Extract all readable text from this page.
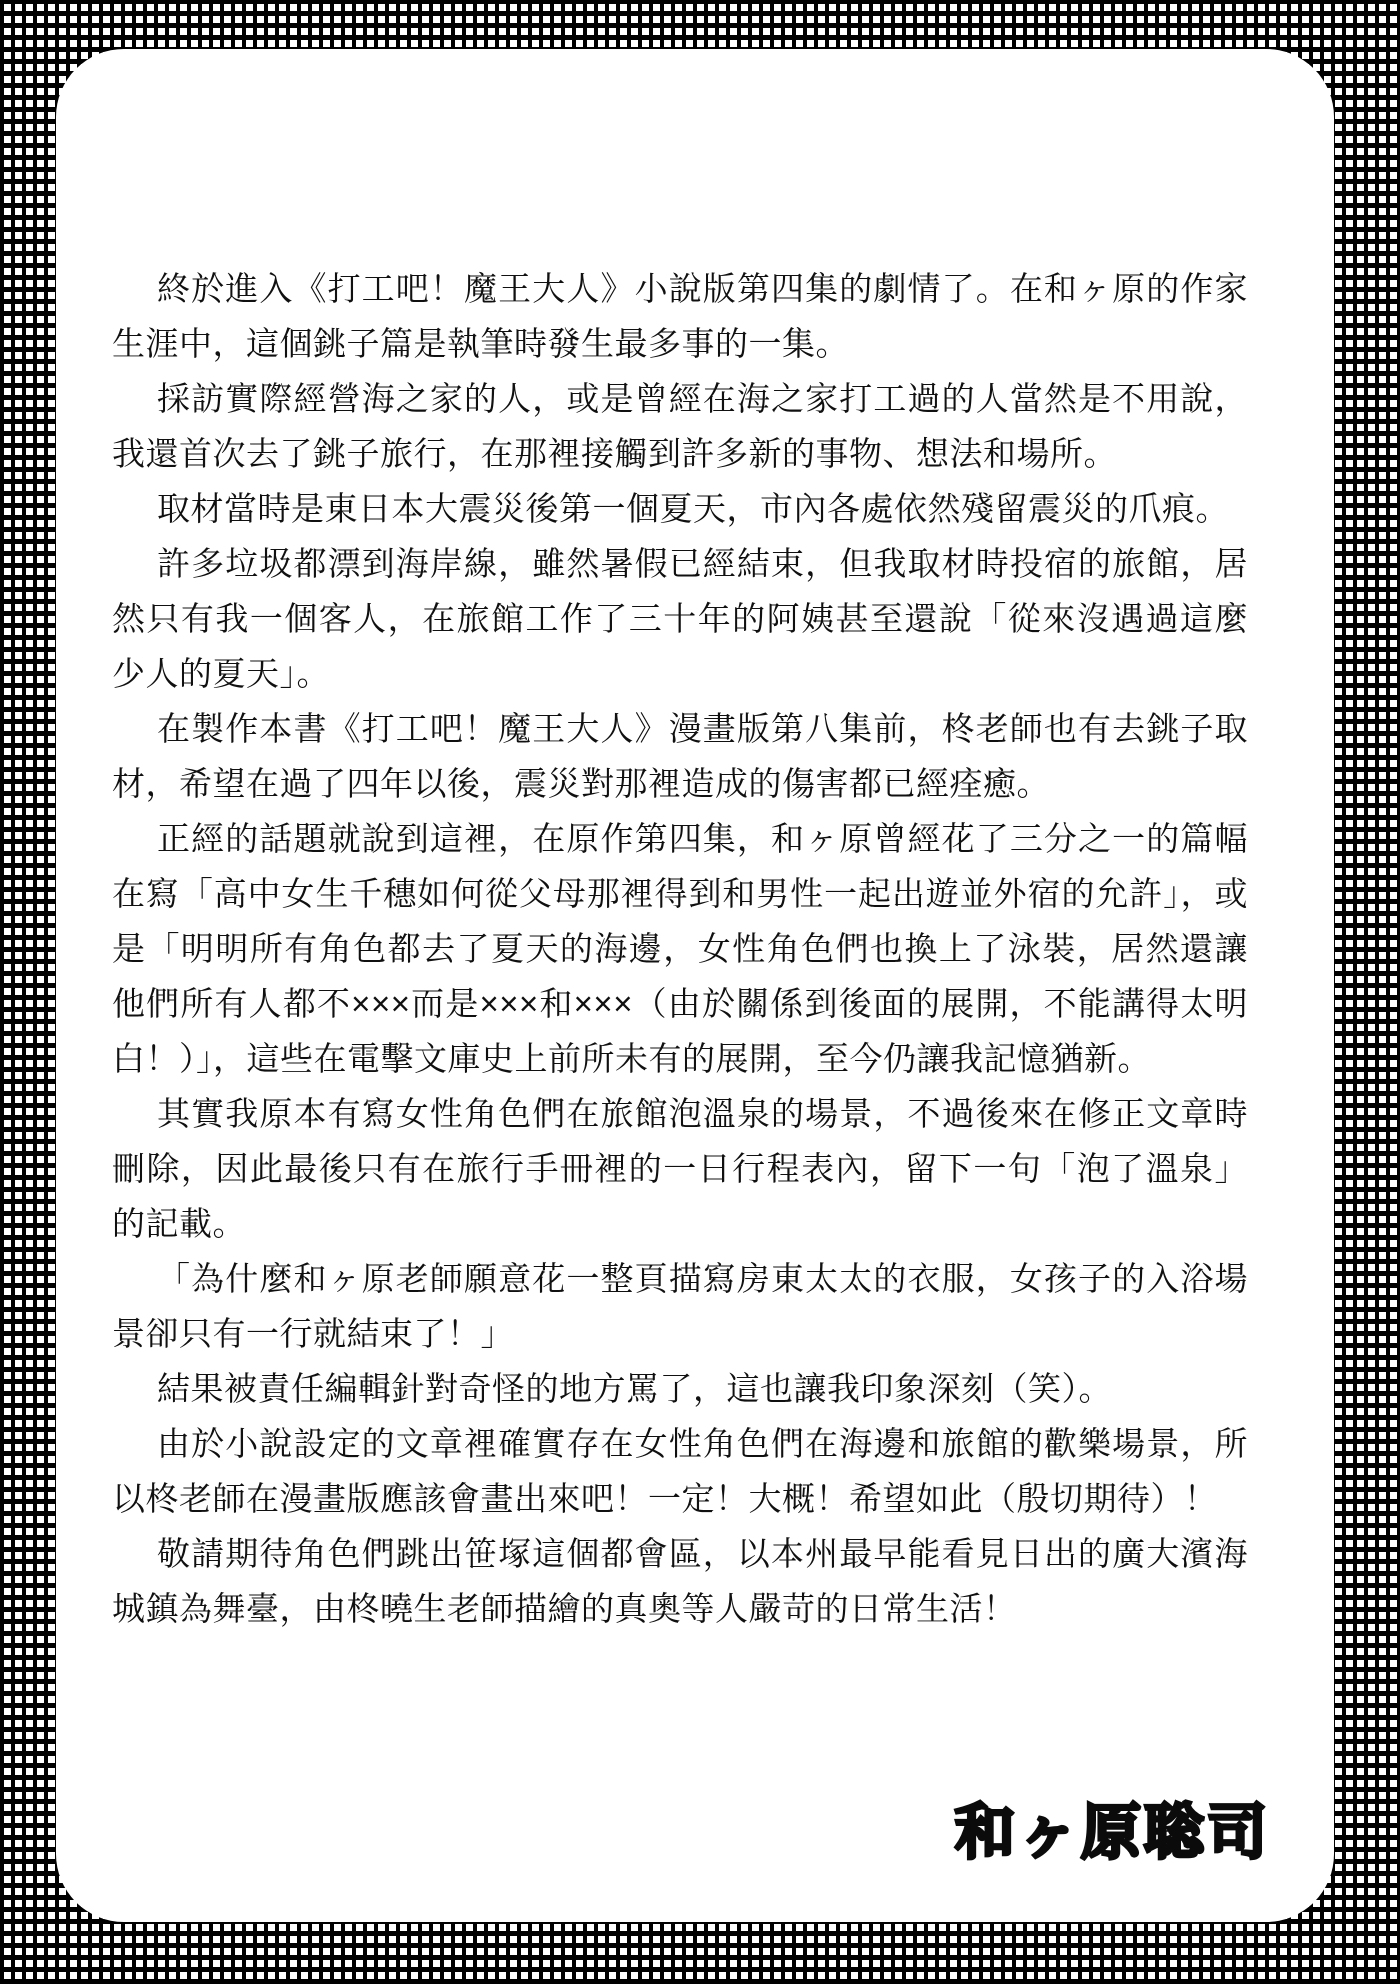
終於進入《打工吧！魔王大人》小說版第四集的劇情了。在和ヶ原的作家生涯中，這個銚子篇是執筆時發生最多事的一集。

採訪實際經營海之家的人，或是曾經在海之家打工過的人當然是不用說，我還首次去了銚子旅行，在那裡接觸到許多新的事物、想法和場所。

取材當時是東日本大震災後第一個夏天，市內各處依然殘留震災的爪痕。

許多垃圾都漂到海岸線，雖然暑假已經結束，但我取材時投宿的旅館，居然只有我一個客人，在旅館工作了三十年的阿姨甚至還說「從來沒遇過這麼少人的夏天」。

在製作本書《打工吧！魔王大人》漫畫版第八集前，柊老師也有去銚子取材，希望在過了四年以後，震災對那裡造成的傷害都已經痊癒。

正經的話題就說到這裡，在原作第四集，和ヶ原曾經花了三分之一的篇幅在寫「高中女生千穗如何從父母那裡得到和男性一起出遊並外宿的允許」，或是「明明所有角色都去了夏天的海邊，女性角色們也換上了泳裝，居然還讓他們所有人都不×××而是×××和×××（由於關係到後面的展開，不能講得太明白！）」，這些在電擊文庫史上前所未有的展開，至今仍讓我記憶猶新。

其實我原本有寫女性角色們在旅館泡溫泉的場景，不過後來在修正文章時刪除，因此最後只有在旅行手冊裡的一日行程表內，留下一句「泡了溫泉」的記載。

「為什麼和ヶ原老師願意花一整頁描寫房東太太的衣服，女孩子的入浴場景卻只有一行就結束了！」

結果被責任編輯針對奇怪的地方罵了，這也讓我印象深刻（笑）。

由於小說設定的文章裡確實存在女性角色們在海邊和旅館的歡樂場景，所以柊老師在漫畫版應該會畫出來吧！一定！大概！希望如此（殷切期待）！

敬請期待角色們跳出笹塚這個都會區，以本州最早能看見日出的廣大濱海城鎮為舞臺，由柊曉生老師描繪的真奧等人嚴苛的日常生活！

和ヶ原聡司
